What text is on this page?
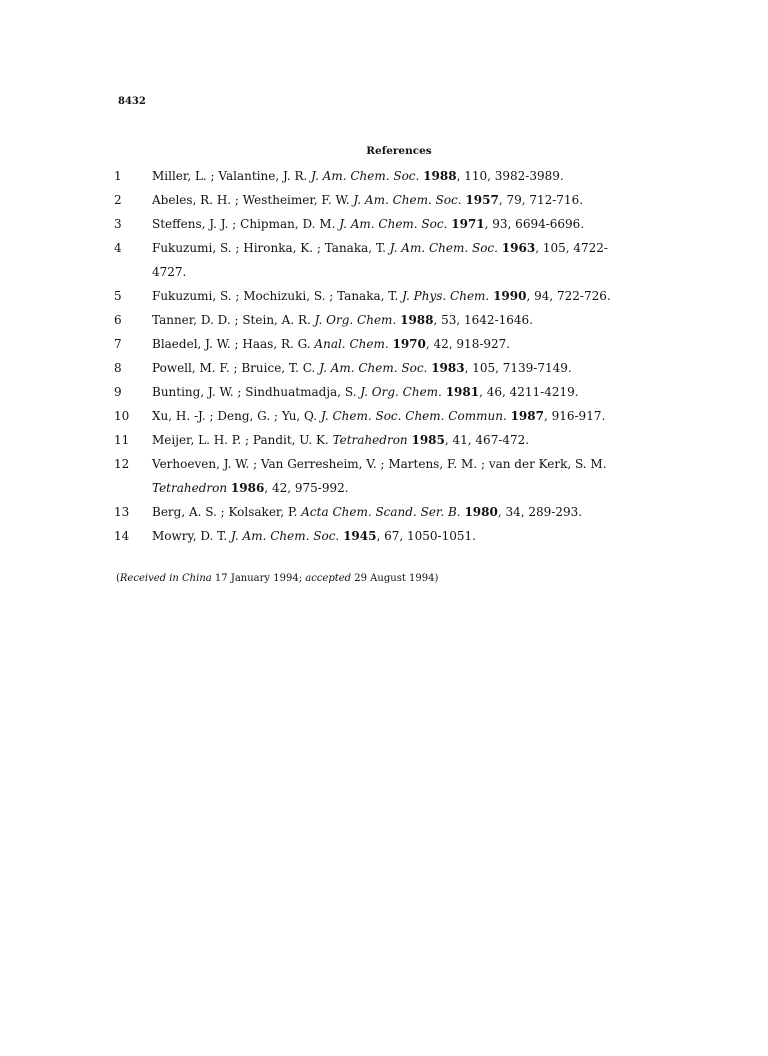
8432
References
1	Miller, L. ; Valantine, J. R. J. Am. Chem. Soc. 1988, 110, 3982-3989.
2	Abeles, R. H. ; Westheimer, F. W. J. Am. Chem. Soc. 1957, 79, 712-716.
3	Steffens, J. J. ; Chipman, D. M. J. Am. Chem. Soc. 1971, 93, 6694-6696.
4	Fukuzumi, S. ; Hironka, K. ; Tanaka, T. J. Am. Chem. Soc. 1963, 105, 4722-
4727.
5	Fukuzumi, S. ; Mochizuki, S. ; Tanaka, T. J. Phys. Chem. 1990, 94, 722-726.
6	Tanner, D. D. ; Stein, A. R. J. Org. Chem. 1988, 53, 1642-1646.
7	Blaedel, J. W. ; Haas, R. G. Anal. Chem. 1970, 42, 918-927.
8	Powell, M. F. ; Bruice, T. C. J. Am. Chem. Soc. 1983, 105, 7139-7149.
9	Bunting, J. W. ; Sindhuatmadja, S. J. Org. Chem. 1981, 46, 4211-4219.
10	Xu, H. -J. ; Deng, G. ; Yu, Q. J. Chem. Soc. Chem. Commun. 1987, 916-917.
11	Meijer, L. H. P. ; Pandit, U. K. Tetrahedron 1985, 41, 467-472.
12	Verhoeven, J. W. ; Van Gerresheim, V. ; Martens, F. M. ; van der Kerk, S. M.
Tetrahedron 1986, 42, 975-992.
13	Berg, A. S. ; Kolsaker, P. Acta Chem. Scand. Ser. B. 1980, 34, 289-293.
14	Mowry, D. T. J. Am. Chem. Soc. 1945, 67, 1050-1051.
(Received in China 17 January 1994; accepted 29 August 1994)
